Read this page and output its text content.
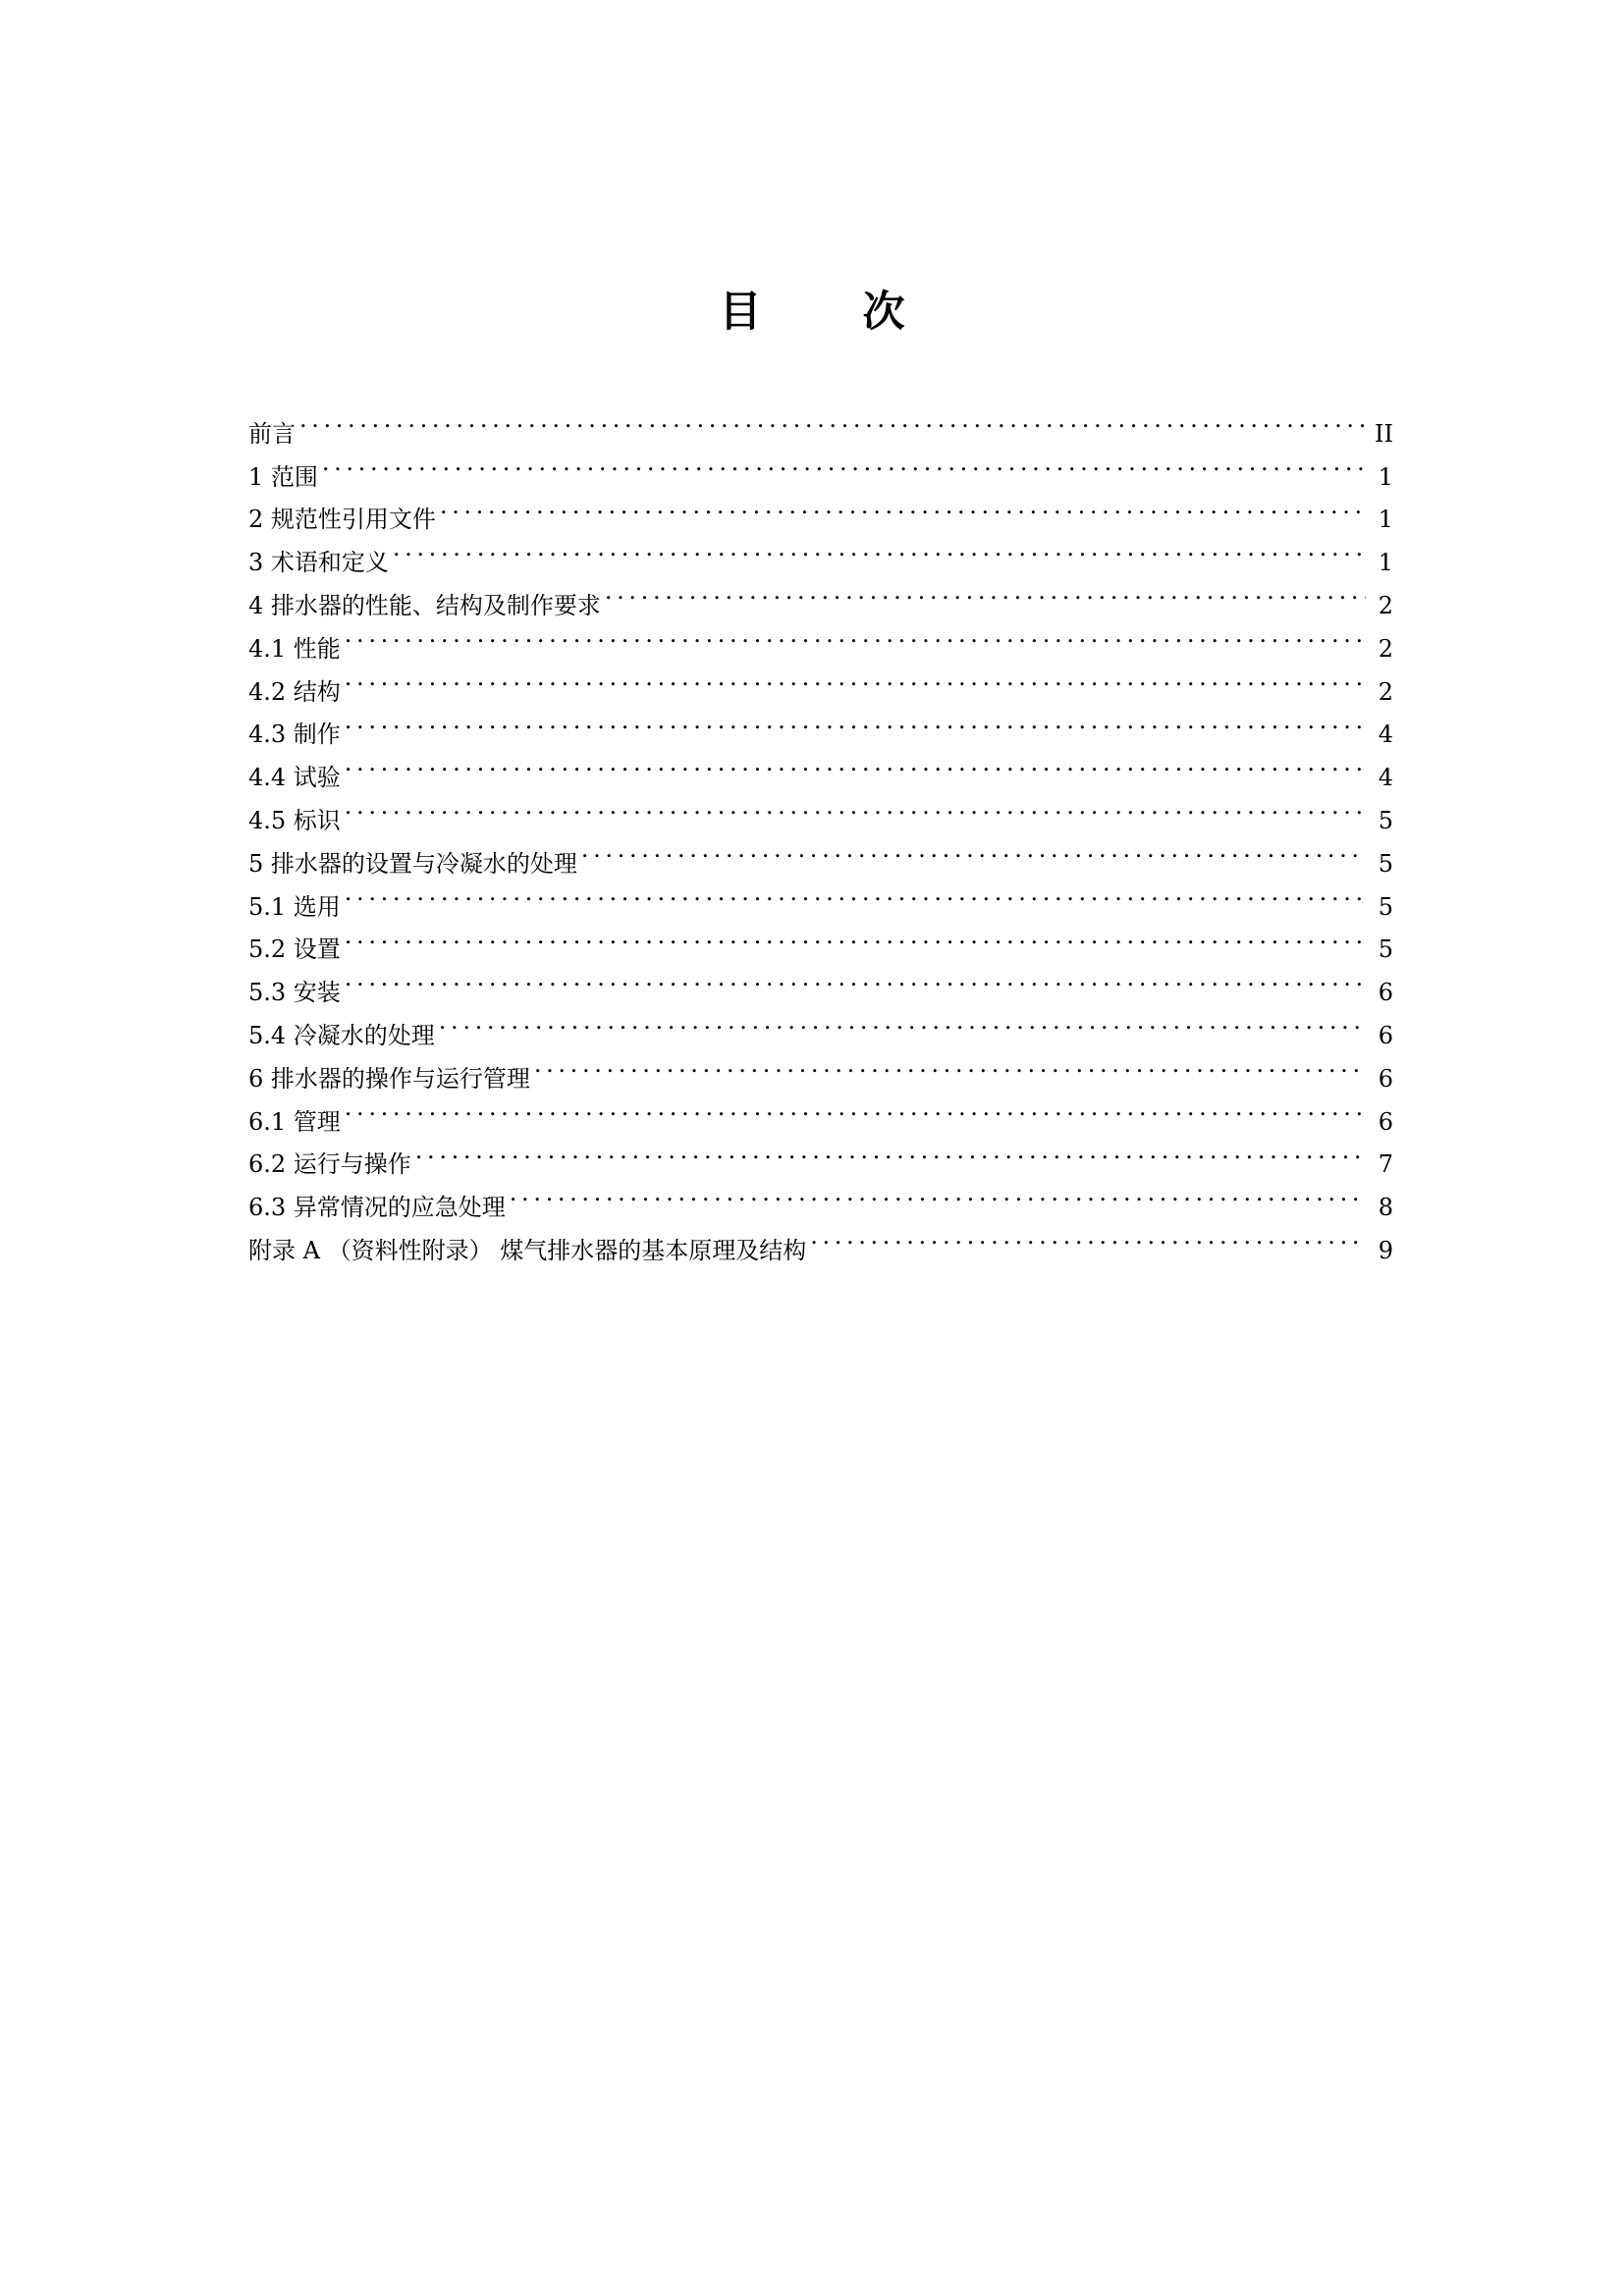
目 次
前言 . . .	II
1 范围 . . .	1
2 规范性引用文件 . . .	1
3 术语和定义 . . .	1
4 排水器的性能、结构及制作要求 . . .	2
4.1 性能 . . .	2
4.2 结构 . . .	2
4.3 制作 . . .	4
4.4 试验 . . .	4
4.5 标识 . . .	5
5 排水器的设置与冷凝水的处理 . . .	5
5.1 选用 . . .	5
5.2 设置 . . .	5
5.3 安装 . . .	6
5.4 冷凝水的处理 . . .	6
6 排水器的操作与运行管理 . . .	6
6.1 管理 . . .	6
6.2 运行与操作 . . .	7
6.3 异常情况的应急处理 . . .	8
附录 A （资料性附录） 煤气排水器的基本原理及结构 . . .	9
